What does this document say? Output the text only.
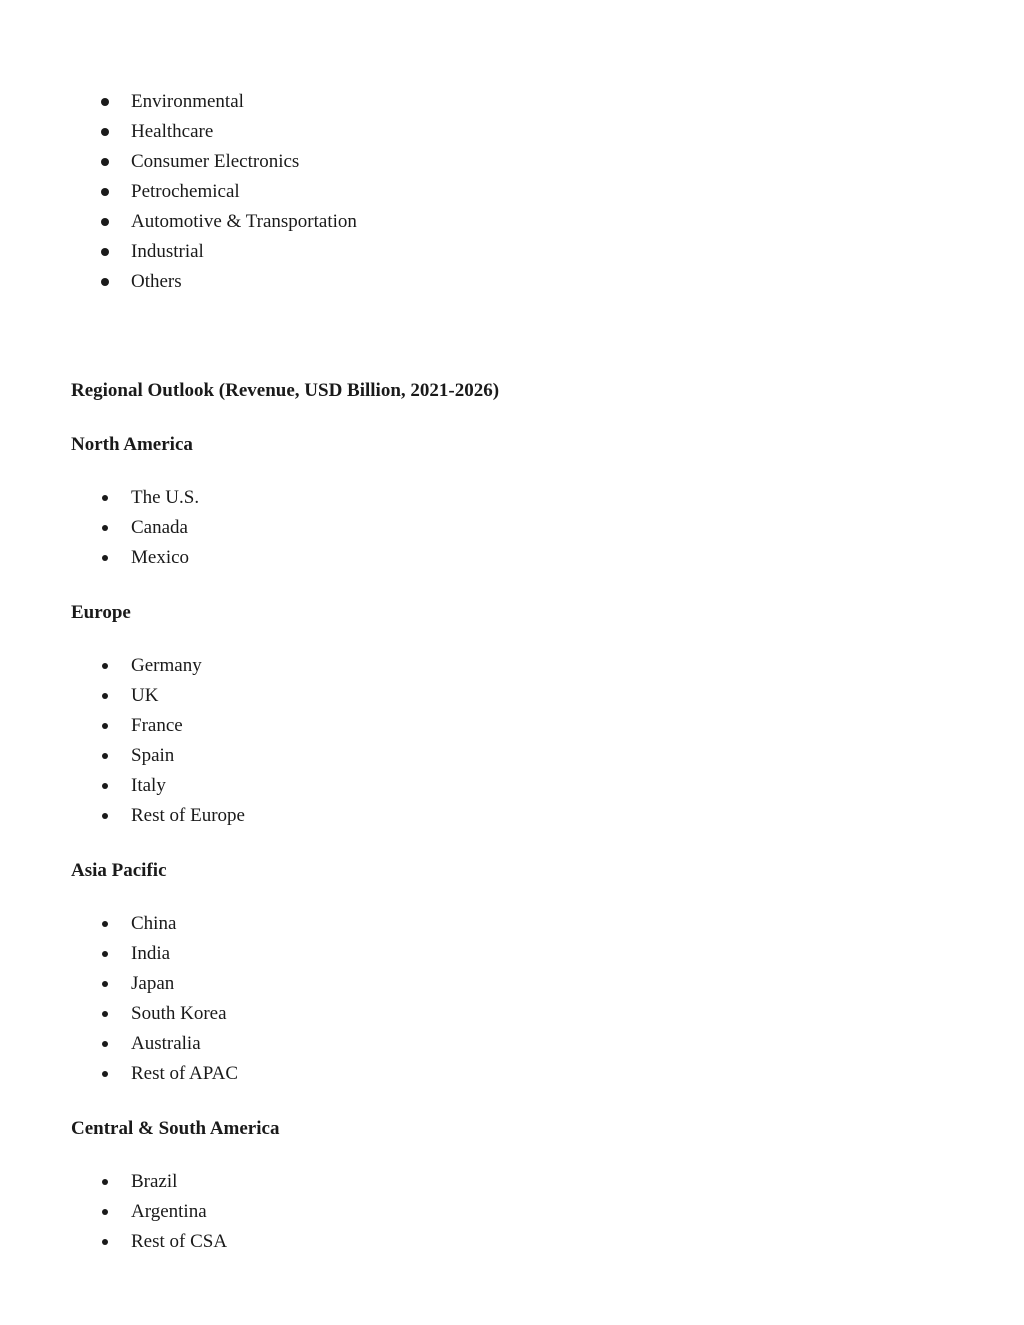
Environmental
Healthcare
Consumer Electronics
Petrochemical
Automotive & Transportation
Industrial
Others
Regional Outlook (Revenue, USD Billion, 2021-2026)
North America
The U.S.
Canada
Mexico
Europe
Germany
UK
France
Spain
Italy
Rest of Europe
Asia Pacific
China
India
Japan
South Korea
Australia
Rest of APAC
Central & South America
Brazil
Argentina
Rest of CSA
